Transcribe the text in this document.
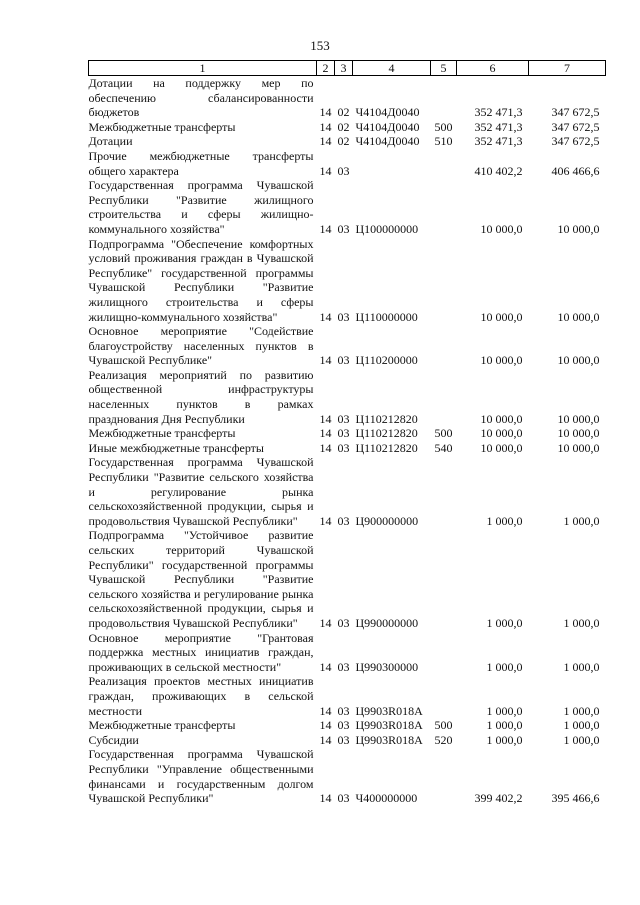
153
1	2	3	4	5	6	7
Дотации на поддержку мер по обеспечению сбалансированности бюджетов	14	02	Ч4104Д0040		352 471,3	347 672,5
Межбюджетные трансферты	14	02	Ч4104Д0040	500	352 471,3	347 672,5
Дотации	14	02	Ч4104Д0040	510	352 471,3	347 672,5
Прочие межбюджетные трансферты общего характера	14	03			410 402,2	406 466,6
Государственная программа Чувашской Республики "Развитие жилищного строительства и сферы жилищно-коммунального хозяйства"	14	03	Ц100000000		10 000,0	10 000,0
Подпрограмма "Обеспечение комфортных условий проживания граждан в Чувашской Республике" государственной программы Чувашской Республики "Развитие жилищного строительства и сферы жилищно-коммунального хозяйства"	14	03	Ц110000000		10 000,0	10 000,0
Основное мероприятие "Содействие благоустройству населенных пунктов в Чувашской Республике"	14	03	Ц110200000		10 000,0	10 000,0
Реализация мероприятий по развитию общественной инфраструктуры населенных пунктов в рамках празднования Дня Республики	14	03	Ц110212820		10 000,0	10 000,0
Межбюджетные трансферты	14	03	Ц110212820	500	10 000,0	10 000,0
Иные межбюджетные трансферты	14	03	Ц110212820	540	10 000,0	10 000,0
Государственная программа Чувашской Республики "Развитие сельского хозяйства и регулирование рынка сельскохозяйственной продукции, сырья и продовольствия Чувашской Республики"	14	03	Ц900000000		1 000,0	1 000,0
Подпрограмма "Устойчивое развитие сельских территорий Чувашской Республики" государственной программы Чувашской Республики "Развитие сельского хозяйства и регулирование рынка сельскохозяйственной продукции, сырья и продовольствия Чувашской Республики"	14	03	Ц990000000		1 000,0	1 000,0
Основное мероприятие "Грантовая поддержка местных инициатив граждан, проживающих в сельской местности"	14	03	Ц990300000		1 000,0	1 000,0
Реализация проектов местных инициатив граждан, проживающих в сельской местности	14	03	Ц9903R018A		1 000,0	1 000,0
Межбюджетные трансферты	14	03	Ц9903R018A	500	1 000,0	1 000,0
Субсидии	14	03	Ц9903R018A	520	1 000,0	1 000,0
Государственная программа Чувашской Республики "Управление общественными финансами и государственным долгом Чувашской Республики"	14	03	Ч400000000		399 402,2	395 466,6
